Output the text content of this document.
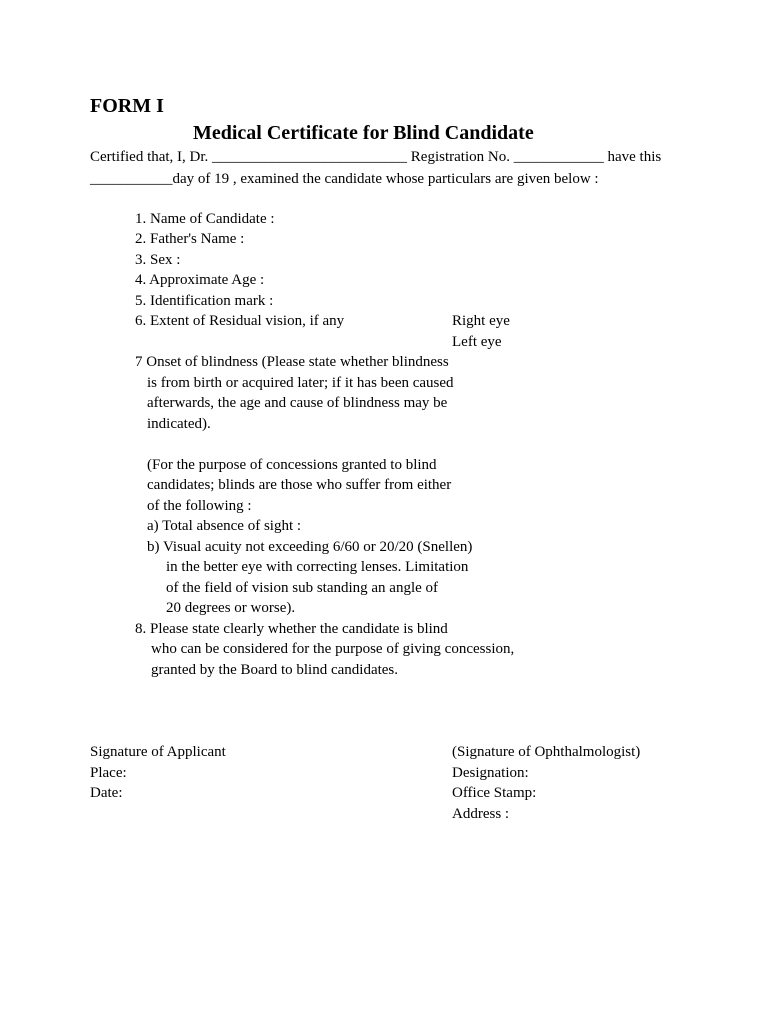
FORM I
Medical Certificate for Blind Candidate
Certified that, I, Dr. __________________________ Registration No. ____________ have this
___________day of 19 , examined the candidate whose particulars are given below :
1. Name of Candidate :
2. Father's Name :
3. Sex :
4. Approximate Age :
5. Identification mark :
6. Extent of Residual vision, if any	Right eye
Left eye
7 Onset of blindness (Please state whether blindness
is from birth or acquired later; if it has been caused
afterwards, the age and cause of blindness may be
indicated).
(For the purpose of concessions granted to blind
candidates; blinds are those who suffer from either
of the following :
a) Total absence of sight :
b) Visual acuity not exceeding 6/60 or 20/20 (Snellen)
in the better eye with correcting lenses. Limitation
of the field of vision sub standing an angle of
20 degrees or worse).
8. Please state clearly whether the candidate is blind
who can be considered for the purpose of giving concession,
granted by the Board to blind candidates.
Signature of Applicant
Place:
Date:
(Signature of Ophthalmologist)
Designation:
Office Stamp:
Address :
